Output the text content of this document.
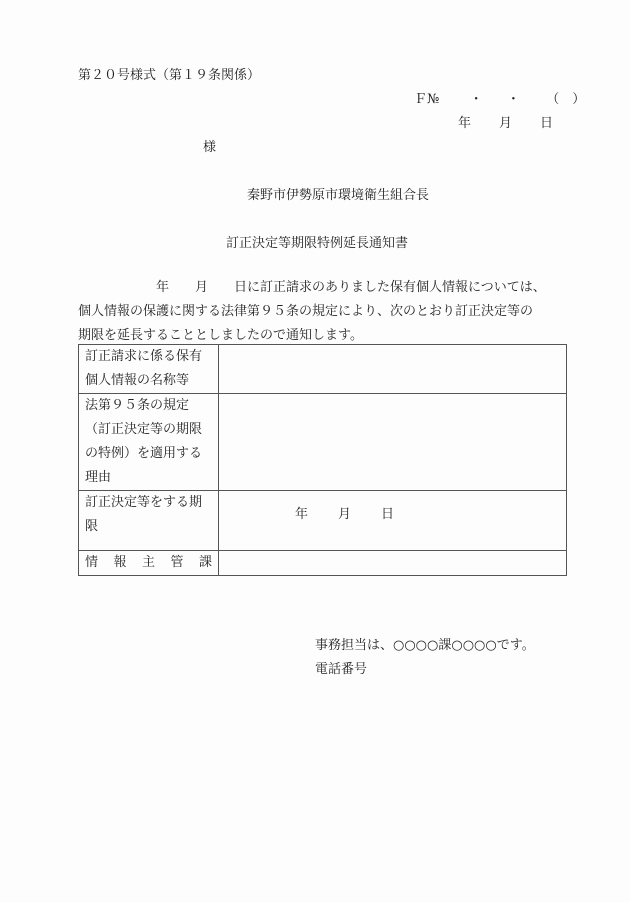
第２０号様式（第１９条関係）
Ｆ№ ・ ・ （　）
年 月 日
様
秦野市伊勢原市環境衛生組合長
訂正決定等期限特例延長通知書
　　　　　　年　　月　　日に訂正請求のありました保有個人情報については、
個人情報の保護に関する法律第９５条の規定により、次のとおり訂正決定等の
期限を延長することとしましたので通知します。
訂正請求に係る保有
個人情報の名称等	

法第９５条の規定
（訂正決定等の期限
の特例）を適用する
理由	

訂正決定等をする期
限	年 月 日

情 報 主 管 課	

事務担当は、○○○○課○○○○です。
電話番号
